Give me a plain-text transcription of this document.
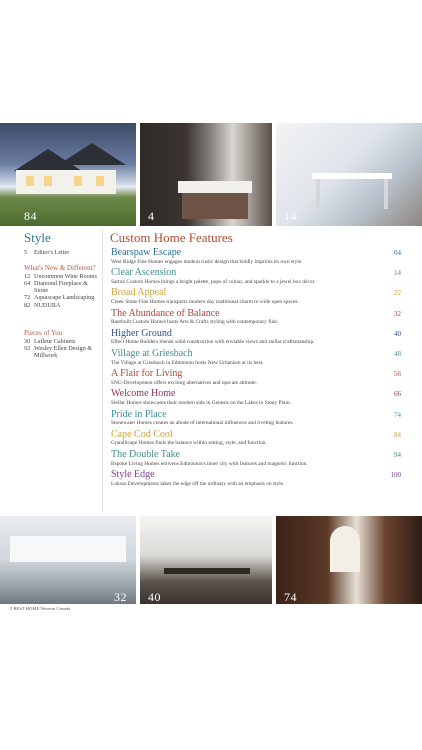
84	4	14
Style
5 Editor's Letter
What's New & Different?
12 Uncommon Wine Rooms
64 Diamond Fireplace &
Stone
72 Aquascape Landscaping
82 NUDURA
Pieces of You
30 Lafleur Cabinets
92 Wesley Ellen Design &
Millwork
Custom Home Features
Bearspaw Escape	04
West Ridge Fine Homes engages modern rustic design that boldly imprints its own style.
Clear Ascension	14
Sarton Custom Homes brings a bright palette, pops of colour, and sparkle to a jewel box décor.
Broad Appeal	22
Creek Stone Fine Homes transports modern day traditional charm to wide open spaces.
The Abundance of Balance	32
Raerbuilt Custom Homes hosts Arts & Crafts styling with contemporary flair.
Higher Ground	40
Effect Home Builders blends solid construction with enviable views and stellar craftsmanship.
Village at Griesbach	48
The Village at Griesbach in Edmonton hosts New Urbanism at its best.
A Flair for Living	56
SNG-Development offers exciting alternatives and upscale attitude.
Welcome Home	66
Stellar Homes showcases their modern side in Genesis on the Lakes in Stony Plain.
Pride in Place	74
Stonewater Homes creates an abode of international influences and riveting features.
Cape Cod Cool	84
GrandScape Homes finds the balance within setting, style, and function.
The Double Take	94
Bspoke Living Homes enlivens Edmonton's inner city with features and magnetic function.
Style Edge	100
Luksus Developments takes the edge off the ordinary with an emphasis on style.
32 40	74
2 BEST HOME Western Canada
